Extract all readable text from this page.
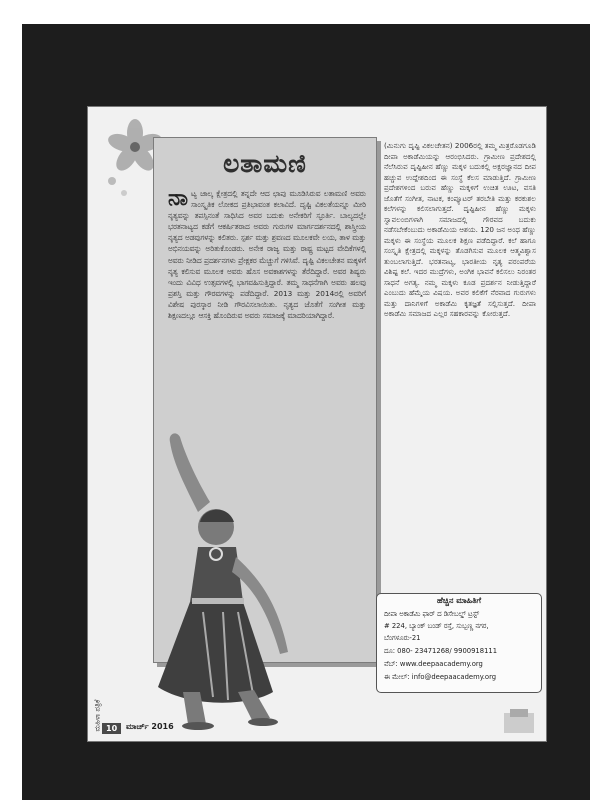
ಲತಾಮಣಿ
ನಾ ಟ್ಯ ಜಾಲ್ಕ ಕ್ಷೇತ್ರದಲ್ಲಿ ತನ್ನದೇ ಆದ ಛಾಪು ಮೂಡಿಸಿರುವ ಲತಾಮಣಿ ಅವರು ಸಾಂಸ್ಕೃತಿಕ ಲೋಕದ ಪ್ರತಿಭಾವಂತ ಕಲಾವಿದೆ. ದೃಷ್ಟಿ ವಿಕಲತೆಯನ್ನೂ ಮೀರಿ ನೃತ್ಯವನ್ನು ತಪಸ್ಸಿನಂತೆ ಸಾಧಿಸಿದ ಅವರ ಬದುಕು ಅನೇಕರಿಗೆ ಸ್ಫೂರ್ತಿ. ಬಾಲ್ಯದಲ್ಲೇ ಭರತನಾಟ್ಯದ ಕಡೆಗೆ ಆಕರ್ಷಿತರಾದ ಅವರು ಗುರುಗಳ ಮಾರ್ಗದರ್ಶನದಲ್ಲಿ ಶಾಸ್ತ್ರೀಯ ನೃತ್ಯದ ಅಡವುಗಳನ್ನು ಕಲಿತರು. ಸ್ಪರ್ಶ ಮತ್ತು ಶ್ರವಣದ ಮೂಲಕವೇ ಲಯ, ತಾಳ ಮತ್ತು ಅಭಿನಯವನ್ನು ಅರಿತುಕೊಂಡರು. ಅನೇಕ ರಾಜ್ಯ ಮತ್ತು ರಾಷ್ಟ್ರ ಮಟ್ಟದ ವೇದಿಕೆಗಳಲ್ಲಿ ಅವರು ನೀಡಿದ ಪ್ರದರ್ಶನಗಳು ಪ್ರೇಕ್ಷಕರ ಮೆಚ್ಚುಗೆ ಗಳಿಸಿವೆ. ದೃಷ್ಟಿ ವಿಕಲಚೇತನ ಮಕ್ಕಳಿಗೆ ನೃತ್ಯ ಕಲಿಸುವ ಮೂಲಕ ಅವರು ಹೊಸ ಅವಕಾಶಗಳನ್ನು ತೆರೆದಿದ್ದಾರೆ. ಅವರ ಶಿಷ್ಯರು ಇಂದು ವಿವಿಧ ಉತ್ಸವಗಳಲ್ಲಿ ಭಾಗವಹಿಸುತ್ತಿದ್ದಾರೆ. ತಮ್ಮ ಸಾಧನೆಗಾಗಿ ಅವರು ಹಲವು ಪ್ರಶಸ್ತಿ ಮತ್ತು ಗೌರವಗಳನ್ನು ಪಡೆದಿದ್ದಾರೆ. 2013 ಮತ್ತು 2014ರಲ್ಲಿ ಅವರಿಗೆ ವಿಶೇಷ ಪುರಸ್ಕಾರ ನೀಡಿ ಗೌರವಿಸಲಾಯಿತು. ನೃತ್ಯದ ಜೊತೆಗೆ ಸಂಗೀತ ಮತ್ತು ಶಿಕ್ಷಣದಲ್ಲೂ ಆಸಕ್ತಿ ಹೊಂದಿರುವ ಅವರು ಸಮಾಜಕ್ಕೆ ಮಾದರಿಯಾಗಿದ್ದಾರೆ.
(ಮಿನುಗು ದೃಷ್ಟಿ ವಿಕಲಚೇತನ) 2006ರಲ್ಲಿ ತಮ್ಮ ಮಿತ್ರರೊಡಗೂಡಿ ದೀಪಾ ಅಕಾಡೆಮಿಯನ್ನು ಆರಂಭಿಸಿದರು. ಗ್ರಾಮೀಣ ಪ್ರದೇಶದಲ್ಲಿ ನೆಲೆಸಿರುವ ದೃಷ್ಟಿಹೀನ ಹೆಣ್ಣು ಮಕ್ಕಳ ಬದುಕಲ್ಲಿ ಅಕ್ಷರಜ್ಞಾನದ ದೀಪ ಹಚ್ಚುವ ಉದ್ದೇಶದಿಂದ ಈ ಸಂಸ್ಥೆ ಕೆಲಸ ಮಾಡುತ್ತಿದೆ. ಗ್ರಾಮೀಣ ಪ್ರದೇಶಗಳಿಂದ ಬರುವ ಹೆಣ್ಣು ಮಕ್ಕಳಿಗೆ ಉಚಿತ ಊಟ, ವಸತಿ ಜೊತೆಗೆ ಸಂಗೀತ, ನಾಟಕ, ಕಂಪ್ಯೂಟರ್ ತರಬೇತಿ ಮತ್ತು ಕರಕುಶಲ ಕಲೆಗಳನ್ನು ಕಲಿಸಲಾಗುತ್ತದೆ. ದೃಷ್ಟಿಹೀನ ಹೆಣ್ಣು ಮಕ್ಕಳು ಸ್ವಾವಲಂಬಿಗಳಾಗಿ ಸಮಾಜದಲ್ಲಿ ಗೌರವದ ಬದುಕು ನಡೆಸಬೇಕೆಂಬುದು ಅಕಾಡೆಮಿಯ ಆಶಯ. 120 ಜನ ಅಂಧ ಹೆಣ್ಣು ಮಕ್ಕಳು ಈ ಸಂಸ್ಥೆಯ ಮೂಲಕ ಶಿಕ್ಷಣ ಪಡೆದಿದ್ದಾರೆ. ಕಲೆ ಹಾಗೂ ಸಂಸ್ಕೃತಿ ಕ್ಷೇತ್ರದಲ್ಲಿ ಮಕ್ಕಳನ್ನು ತೊಡಗಿಸುವ ಮೂಲಕ ಆತ್ಮವಿಶ್ವಾಸ ತುಂಬಲಾಗುತ್ತಿದೆ. ಭರತನಾಟ್ಯ, ಭಾರತೀಯ ನೃತ್ಯ ಪರಂಪರೆಯ ವಿಶಿಷ್ಟ ಕಲೆ. ಇದರ ಮುದ್ರೆಗಳು, ಅಂಗಿಕ ಭಾವನೆ ಕಲಿಸಲು ನಿರಂತರ ಸಾಧನೆ ಅಗತ್ಯ. ನಮ್ಮ ಮಕ್ಕಳು ಕೂಡ ಪ್ರದರ್ಶನ ನೀಡುತ್ತಿದ್ದಾರೆ ಎಂಬುದು ಹೆಮ್ಮೆಯ ವಿಷಯ. ಅವರ ಕಲಿಕೆಗೆ ನೆರವಾದ ಗುರುಗಳು ಮತ್ತು ದಾನಿಗಳಿಗೆ ಅಕಾಡೆಮಿ ಕೃತಜ್ಞತೆ ಸಲ್ಲಿಸುತ್ತದೆ. ದೀಪಾ ಅಕಾಡೆಮಿ ಸಮಾಜದ ಎಲ್ಲರ ಸಹಕಾರವನ್ನು ಕೋರುತ್ತದೆ.
ಹೆಚ್ಚಿನ ಮಾಹಿತಿಗೆ
ದೀಪಾ ಅಕಾಡೆಮಿ ಫಾರ್ ದ ಡಿಸೇಬಲ್ಡ್ ಟ್ರಸ್ಟ್
# 224, ಬ್ಯಾಂಕ್ ಬಂಡ್ ರಸ್ತೆ, ಸುಬ್ಬಣ್ಣ ನಗರ,
ಬೆಂಗಳೂರು-21
ದೂ: 080- 23471268/ 9900918111
ವೆಬ್: www.deepaacademy.org
ಈ ಮೇಲ್: info@deepaacademy.org
ಮಹಿಳಾ ಪತ್ರಿಕೆ 10	ಮಾರ್ಚ್ 2016
